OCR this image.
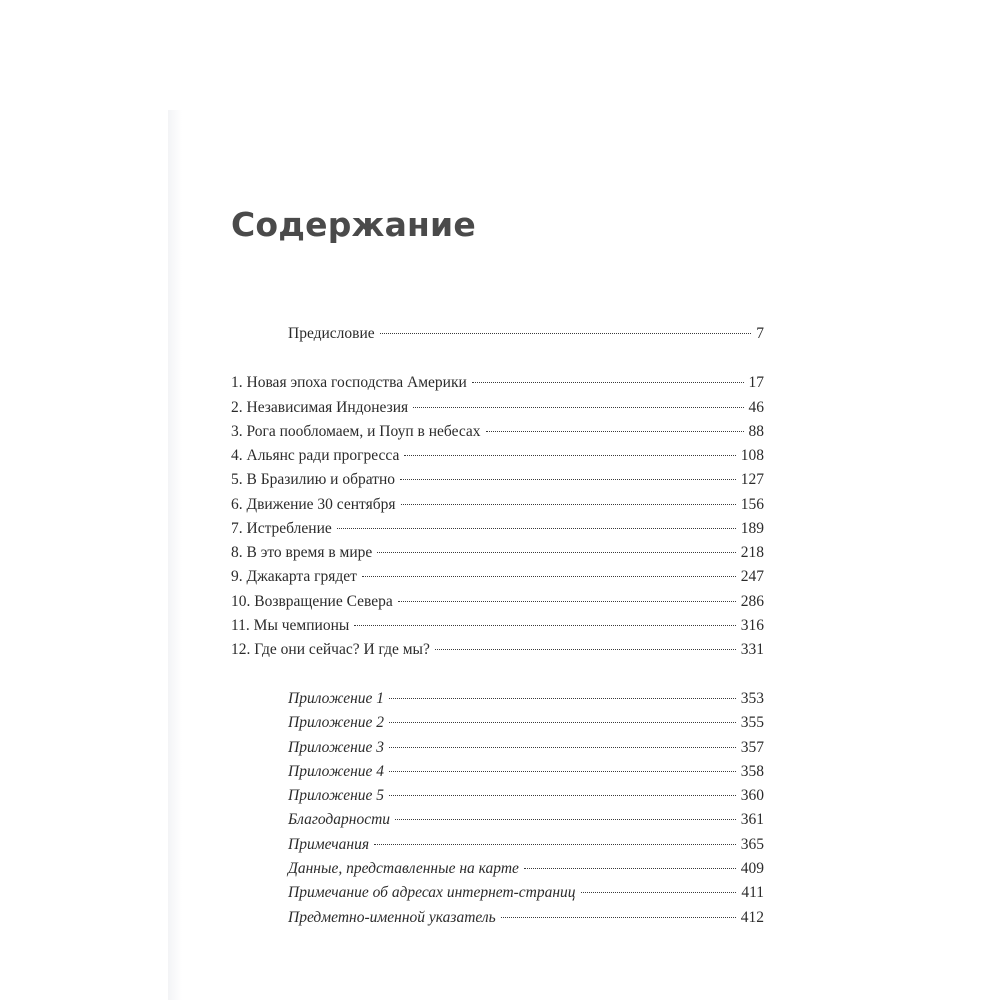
Содержание
Предисловие	7
1. Новая эпоха господства Америки	17
2. Независимая Индонезия	46
3. Рога пообломаем, и Поуп в небесах	88
4. Альянс ради прогресса	108
5. В Бразилию и обратно	127
6. Движение 30 сентября	156
7. Истребление	189
8. В это время в мире	218
9. Джакарта грядет	247
10. Возвращение Севера	286
11. Мы чемпионы	316
12. Где они сейчас? И где мы?	331
Приложение 1	353
Приложение 2	355
Приложение 3	357
Приложение 4	358
Приложение 5	360
Благодарности	361
Примечания	365
Данные, представленные на карте	409
Примечание об адресах интернет-страниц	411
Предметно-именной указатель	412
